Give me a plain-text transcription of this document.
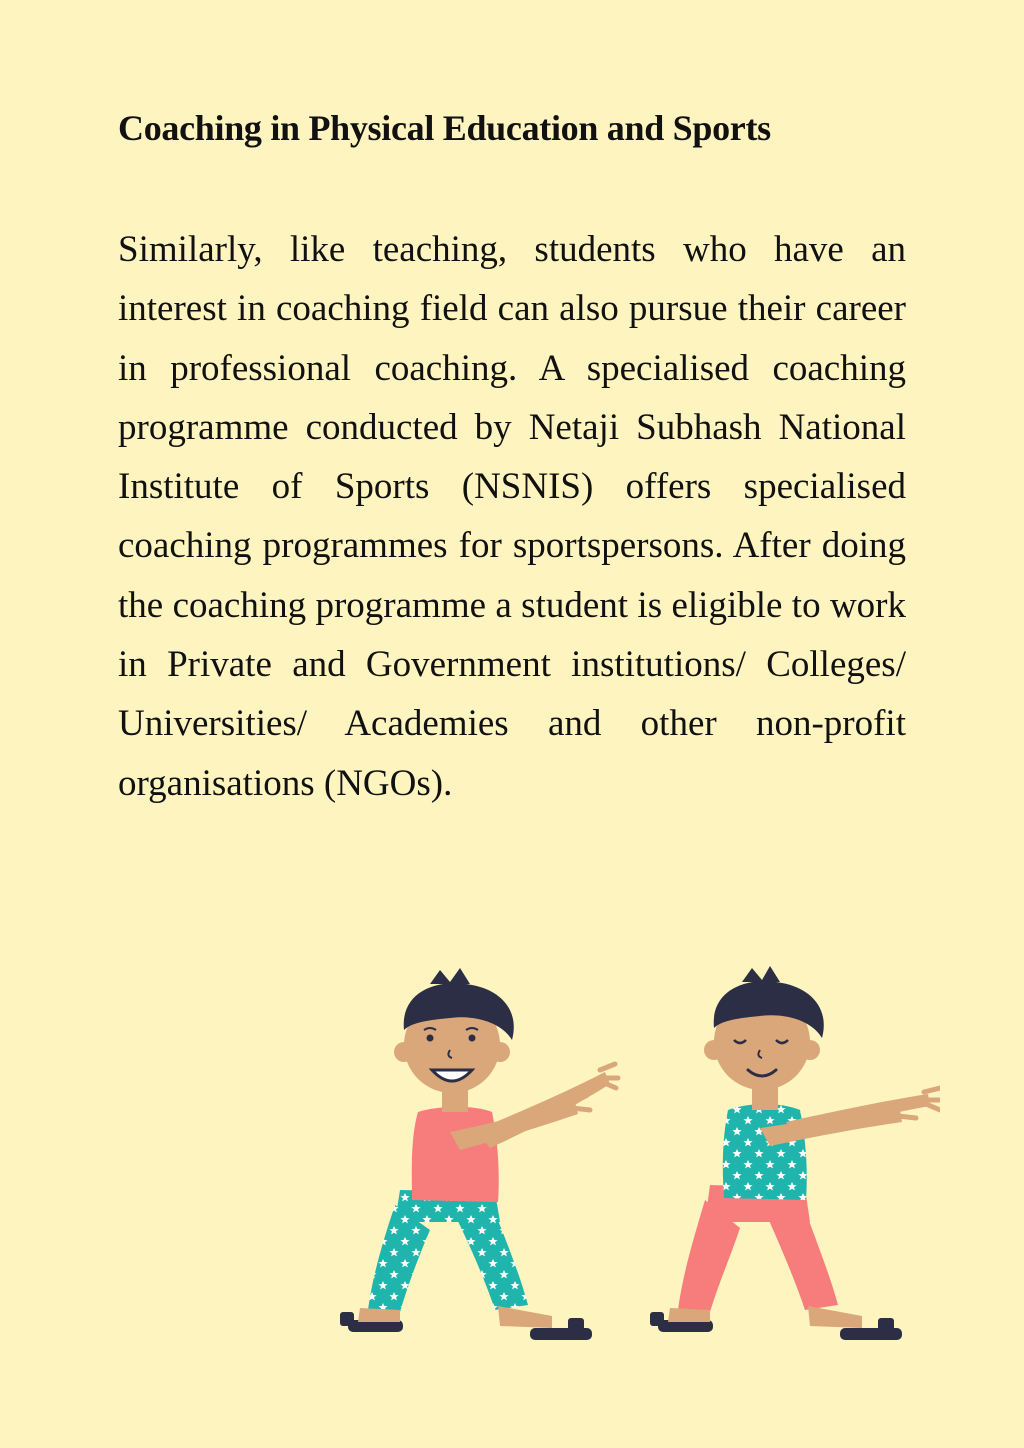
Coaching in Physical Education and Sports

Similarly, like teaching, students who have an interest in coaching field can also pursue their career in professional coaching. A specialised coaching programme conducted by Netaji Subhash National Institute of Sports (NSNIS) offers specialised coaching programmes for sportspersons. After doing the coaching programme a student is eligible to work in Private and Government institutions/ Colleges/ Universities/ Academies and other non-profit organisations (NGOs).
